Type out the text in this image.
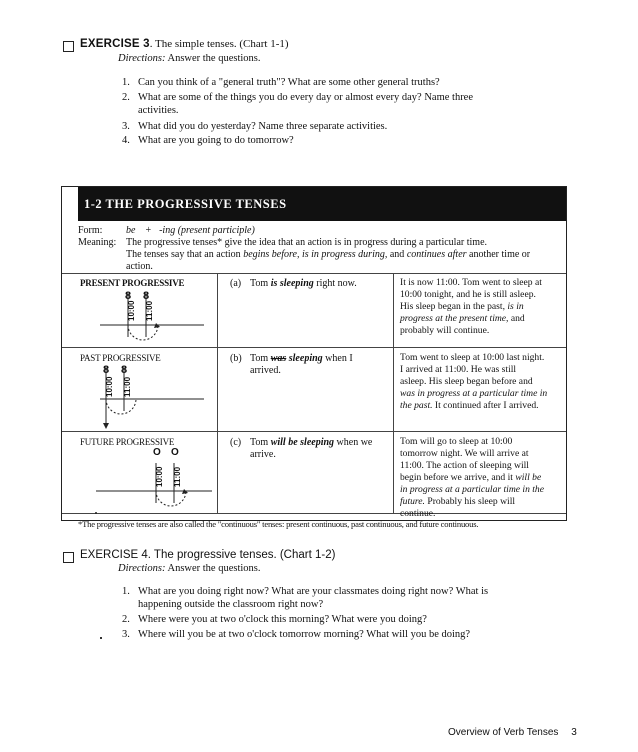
EXERCISE 3. The simple tenses. (Chart 1-1)
Directions: Answer the questions.
1. Can you think of a "general truth"? What are some other general truths?
2. What are some of the things you do every day or almost every day? Name three
activities.
3. What did you do yesterday? Name three separate activities.
4. What are you going to do tomorrow?
1-2 THE PROGRESSIVE TENSES
Form: be + -ing (present participle)
Meaning: The progressive tenses* give the idea that an action is in progress during a particular time.
The tenses say that an action begins before, is in progress during, and continues after another time or
action.
PRESENT PROGRESSIVE
8 8
10:00 11:00
(a) Tom is sleeping right now.	It is now 11:00. Tom went to sleep at
10:00 tonight, and he is still asleep.
His sleep began in the past, is in
progress at the present time, and
probably will continue.
PAST PROGRESSIVE
8 8
10:00 11:00
(b) Tom was sleeping when I
arrived.
Tom went to sleep at 10:00 last night.
I arrived at 11:00. He was still
asleep. His sleep began before and
was in progress at a particular time in
the past. It continued after I arrived.
FUTURE PROGRESSIVE
O O
10:00 11:00
(c) Tom will be sleeping when we
arrive.
Tom will go to sleep at 10:00
tomorrow night. We will arrive at
11:00. The action of sleeping will
begin before we arrive, and it will be
in progress at a particular time in the
future. Probably his sleep will
continue.
*The progressive tenses are also called the "continuous" tenses: present continuous, past continuous, and future continuous.
EXERCISE 4. The progressive tenses. (Chart 1-2)
Directions: Answer the questions.
1. What are you doing right now? What are your classmates doing right now? What is
happening outside the classroom right now?
2. Where were you at two o'clock this morning? What were you doing?
3. Where will you be at two o'clock tomorrow morning? What will you be doing?
Overview of Verb Tenses 3
